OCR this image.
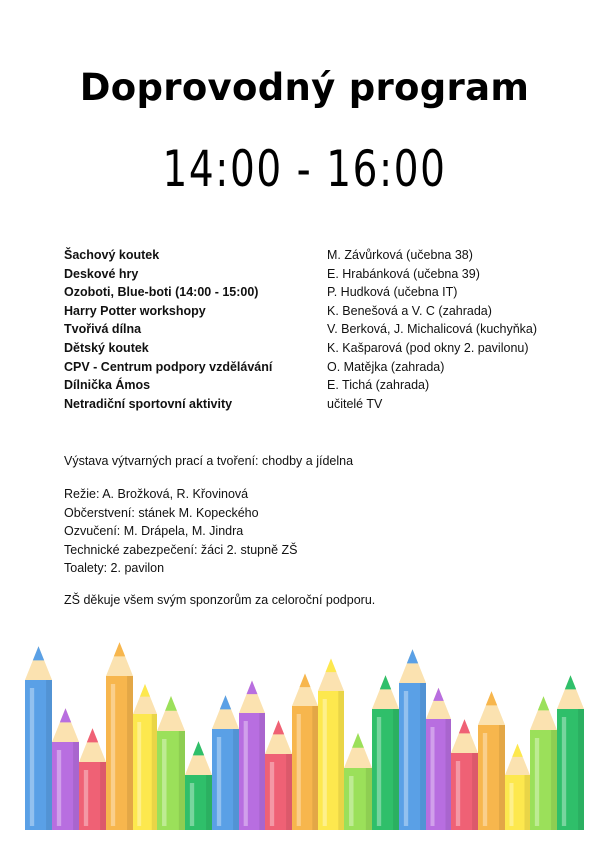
Doprovodný program
14:00 - 16:00
Šachový koutek	M. Závůrková (učebna 38)
Deskové hry	E. Hrabánková (učebna 39)
Ozoboti, Blue-boti (14:00 - 15:00)	P. Hudková (učebna IT)
Harry Potter workshopy	K. Benešová a V. C (zahrada)
Tvořivá dílna	V. Berková, J. Michalicová (kuchyňka)
Dětský koutek	K. Kašparová (pod okny 2. pavilonu)
CPV - Centrum podpory vzdělávání	O. Matějka (zahrada)
Dílnička Ámos	E. Tichá (zahrada)
Netradiční sportovní aktivity	učitelé TV

Výstava výtvarných prací a tvoření: chodby a jídelna

Režie: A. Brožková, R. Křovinová

Občerstvení: stánek M. Kopeckého

Ozvučení: M. Drápela, M. Jindra

Technické zabezpečení: žáci 2. stupně ZŠ

Toalety: 2. pavilon

ZŠ děkuje všem svým sponzorům za celoroční podporu.
